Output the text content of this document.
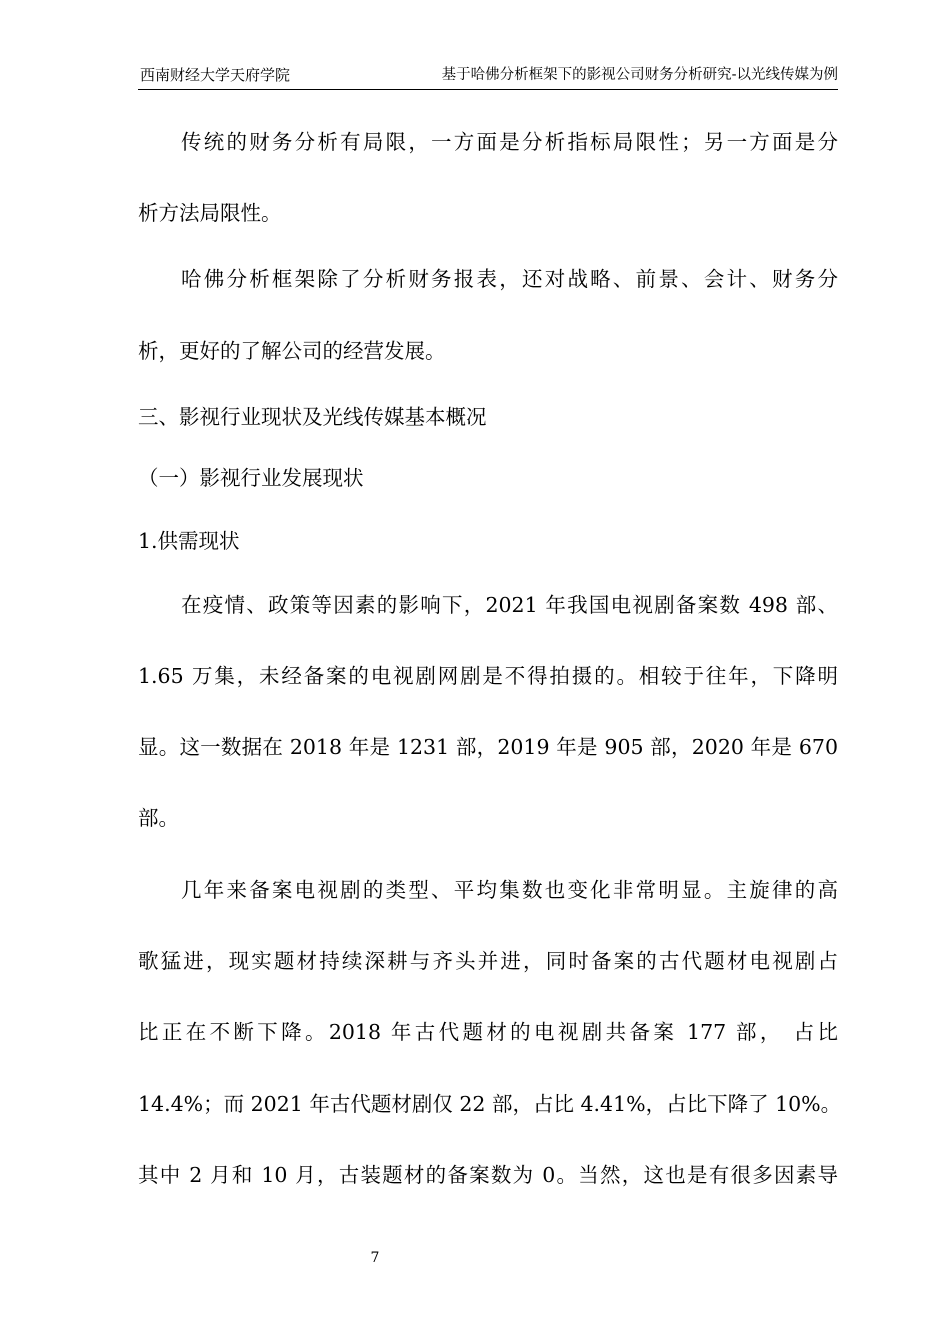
西南财经大学天府学院	基于哈佛分析框架下的影视公司财务分析研究-以光线传媒为例
传统的财务分析有局限，一方面是分析指标局限性；另一方面是分
析方法局限性。
哈佛分析框架除了分析财务报表，还对战略、前景、会计、财务分
析，更好的了解公司的经营发展。
三、影视行业现状及光线传媒基本概况
（一）影视行业发展现状
1.供需现状
在疫情、政策等因素的影响下，2021 年我国电视剧备案数 498 部、
1.65 万集，未经备案的电视剧网剧是不得拍摄的。相较于往年，下降明
显。这一数据在 2018 年是 1231 部，2019 年是 905 部，2020 年是 670
部。
几年来备案电视剧的类型、平均集数也变化非常明显。主旋律的高
歌猛进，现实题材持续深耕与齐头并进，同时备案的古代题材电视剧占
比正在不断下降。2018 年古代题材的电视剧共备案 177 部， 占比
14.4%；而 2021 年古代题材剧仅 22 部，占比 4.41%，占比下降了 10%。
其中 2 月和 10 月，古装题材的备案数为 0。当然，这也是有很多因素导
7
